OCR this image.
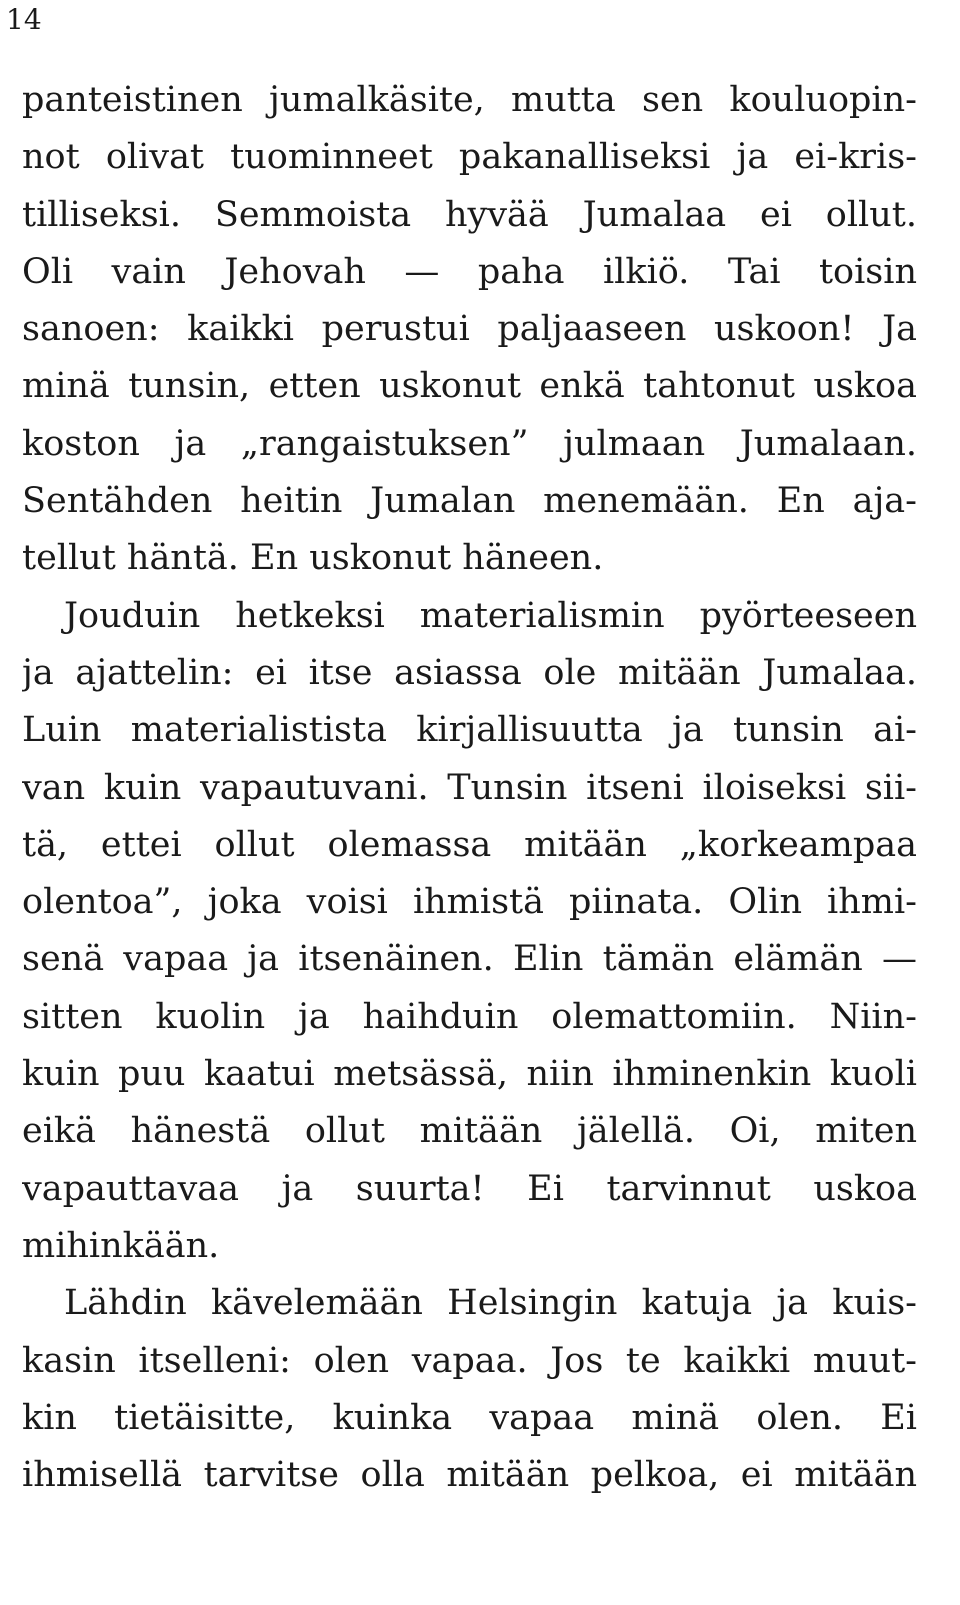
14
panteistinen jumalkäsite, mutta sen kouluopin-
not olivat tuominneet pakanalliseksi ja ei-kris-
tilliseksi. Semmoista hyvää Jumalaa ei ollut.
Oli vain Jehovah — paha ilkiö. Tai toisin
sanoen: kaikki perustui paljaaseen uskoon! Ja
minä tunsin, etten uskonut enkä tahtonut uskoa
koston ja „rangaistuksen” julmaan Jumalaan.
Sentähden heitin Jumalan menemään. En aja-
tellut häntä. En uskonut häneen.
Jouduin hetkeksi materialismin pyörteeseen
ja ajattelin: ei itse asiassa ole mitään Jumalaa.
Luin materialistista kirjallisuutta ja tunsin ai-
van kuin vapautuvani. Tunsin itseni iloiseksi sii-
tä, ettei ollut olemassa mitään „korkeampaa
olentoa”, joka voisi ihmistä piinata. Olin ihmi-
senä vapaa ja itsenäinen. Elin tämän elämän —
sitten kuolin ja haihduin olemattomiin. Niin-
kuin puu kaatui metsässä, niin ihminenkin kuoli
eikä hänestä ollut mitään jälellä. Oi, miten
vapauttavaa ja suurta! Ei tarvinnut uskoa
mihinkään.
Lähdin kävelemään Helsingin katuja ja kuis-
kasin itselleni: olen vapaa. Jos te kaikki muut-
kin tietäisitte, kuinka vapaa minä olen. Ei
ihmisellä tarvitse olla mitään pelkoa, ei mitään
